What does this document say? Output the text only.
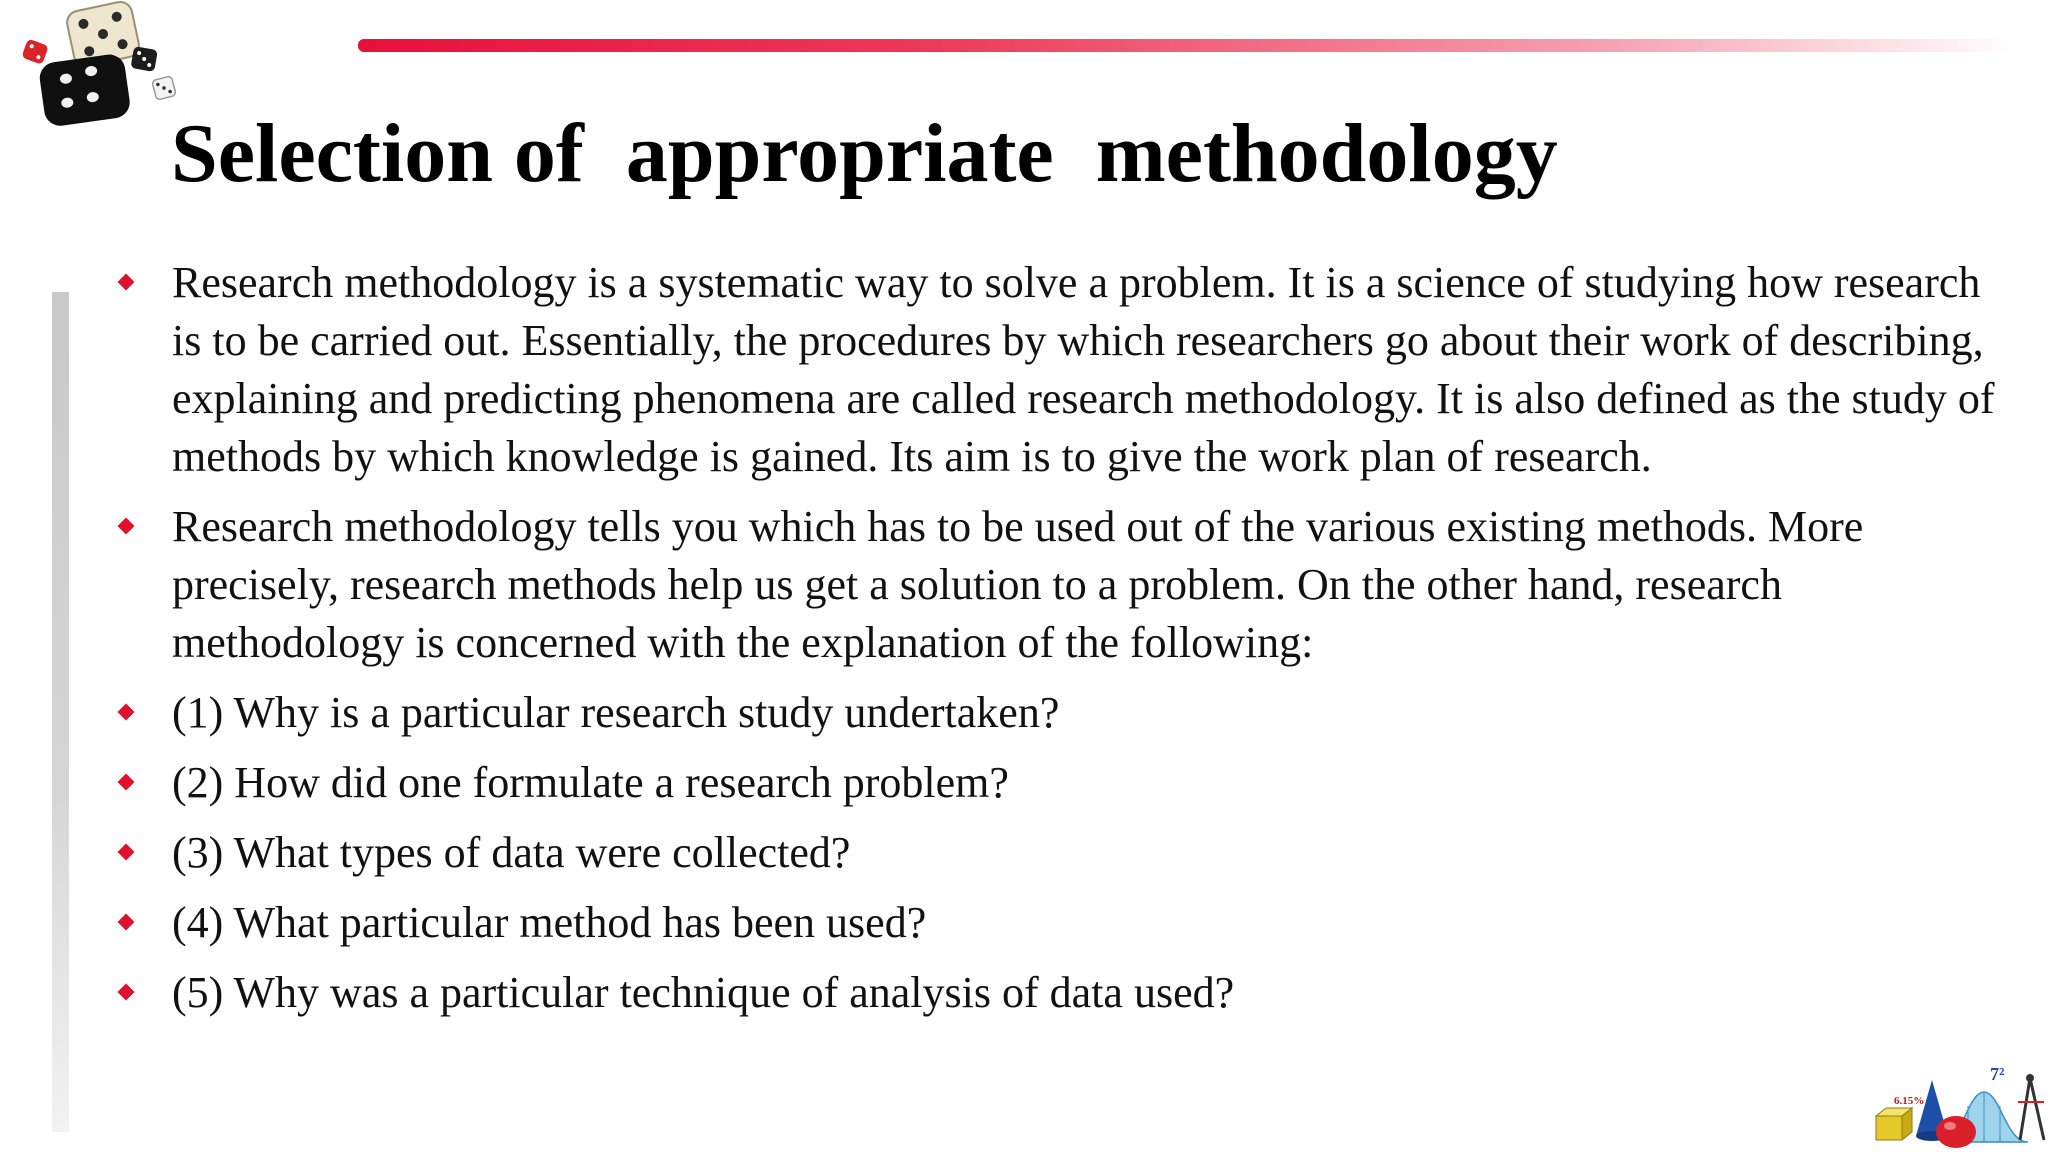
Selection of  appropriate  methodology
Research methodology is a systematic way to solve a problem. It is a science of studying how research is to be carried out. Essentially, the procedures by which researchers go about their work of describing, explaining and predicting phenomena are called research methodology. It is also defined as the study of methods by which knowledge is gained. Its aim is to give the work plan of research.
Research methodology tells you which has to be used out of the various existing methods. More precisely, research methods help us get a solution to a problem. On the other hand, research methodology is concerned with the explanation of the following:
(1) Why is a particular research study undertaken?
(2) How did one formulate a research problem?
(3) What types of data were collected?
(4) What particular method has been used?
(5) Why was a particular technique of analysis of data used?
6.15%
7²
